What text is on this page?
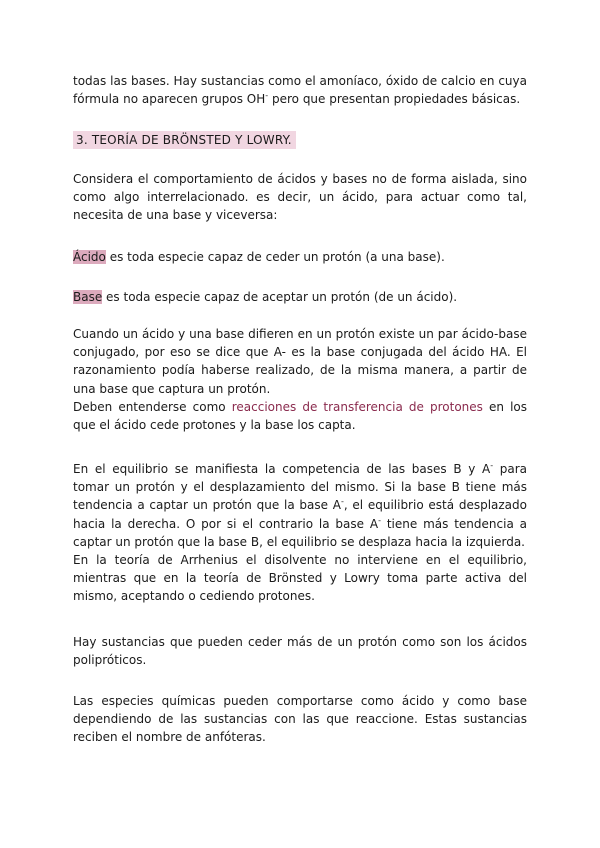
todas las bases. Hay sustancias como el amoníaco, óxido de calcio en cuya fórmula no aparecen grupos OH- pero que presentan propiedades básicas.
3. TEORÍA DE BRÖNSTED Y LOWRY.
Considera el comportamiento de ácidos y bases no de forma aislada, sino como algo interrelacionado. es decir, un ácido, para actuar como tal, necesita de una base y viceversa:
Ácido es toda especie capaz de ceder un protón (a una base).
Base es toda especie capaz de aceptar un protón (de un ácido).
Cuando un ácido y una base difieren en un protón existe un par ácido-base conjugado, por eso se dice que A- es la base conjugada del ácido HA. El razonamiento podía haberse realizado, de la misma manera, a partir de una base que captura un protón.
Deben entenderse como reacciones de transferencia de protones en los que el ácido cede protones y la base los capta.
En el equilibrio se manifiesta la competencia de las bases B y A- para tomar un protón y el desplazamiento del mismo. Si la base B tiene más tendencia a captar un protón que la base A-, el equilibrio está desplazado hacia la derecha. O por si el contrario la base A- tiene más tendencia a captar un protón que la base B, el equilibrio se desplaza hacia la izquierda.
En la teoría de Arrhenius el disolvente no interviene en el equilibrio, mientras que en la teoría de Brönsted y Lowry toma parte activa del mismo, aceptando o cediendo protones.
Hay sustancias que pueden ceder más de un protón como son los ácidos polipróticos.
Las especies químicas pueden comportarse como ácido y como base dependiendo de las sustancias con las que reaccione. Estas sustancias reciben el nombre de anfóteras.
